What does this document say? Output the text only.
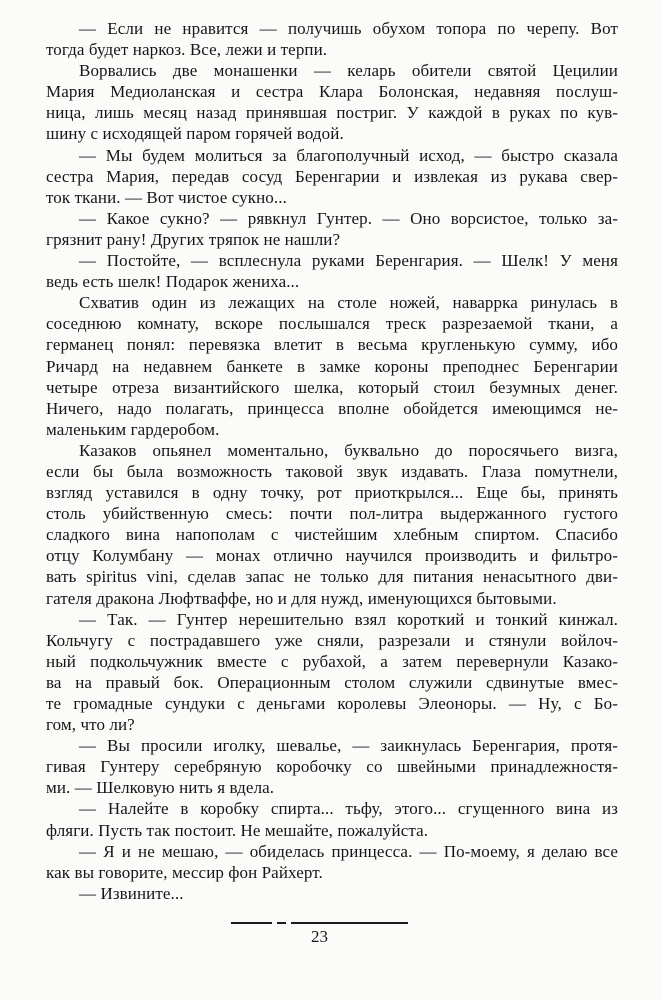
— Если не нравится — получишь обухом топора по черепу. Вот
тогда будет наркоз. Все, лежи и терпи.

Ворвались две монашенки — келарь обители святой Цецилии
Мария Медиоланская и сестра Клара Болонская, недавняя послуш-
ница, лишь месяц назад принявшая постриг. У каждой в руках по кув-
шину с исходящей паром горячей водой.

— Мы будем молиться за благополучный исход, — быстро сказала
сестра Мария, передав сосуд Беренгарии и извлекая из рукава свер-
ток ткани. — Вот чистое сукно...

— Какое сукно? — рявкнул Гунтер. — Оно ворсистое, только за-
грязнит рану! Других тряпок не нашли?

— Постойте, — всплеснула руками Беренгария. — Шелк! У меня
ведь есть шелк! Подарок жениха...

Схватив один из лежащих на столе ножей, наваррка ринулась в
соседнюю комнату, вскоре послышался треск разрезаемой ткани, а
германец понял: перевязка влетит в весьма кругленькую сумму, ибо
Ричард на недавнем банкете в замке короны преподнес Беренгарии
четыре отреза византийского шелка, который стоил безумных денег.
Ничего, надо полагать, принцесса вполне обойдется имеющимся не-
маленьким гардеробом.

Казаков опьянел моментально, буквально до поросячьего визга,
если бы была возможность таковой звук издавать. Глаза помутнели,
взгляд уставился в одну точку, рот приоткрылся... Еще бы, принять
столь убийственную смесь: почти пол-литра выдержанного густого
сладкого вина напополам с чистейшим хлебным спиртом. Спасибо
отцу Колумбану — монах отлично научился производить и фильтро-
вать spiritus vini, сделав запас не только для питания ненасытного дви-
гателя дракона Люфтваффе, но и для нужд, именующихся бытовыми.

— Так. — Гунтер нерешительно взял короткий и тонкий кинжал.
Кольчугу с пострадавшего уже сняли, разрезали и стянули войлоч-
ный подкольчужник вместе с рубахой, а затем перевернули Казако-
ва на правый бок. Операционным столом служили сдвинутые вмес-
те громадные сундуки с деньгами королевы Элеоноры. — Ну, с Бо-
гом, что ли?

— Вы просили иголку, шевалье, — заикнулась Беренгария, протя-
гивая Гунтеру серебряную коробочку со швейными принадлежностя-
ми. — Шелковую нить я вдела.

— Налейте в коробку спирта... тьфу, этого... сгущенного вина из
фляги. Пусть так постоит. Не мешайте, пожалуйста.

— Я и не мешаю, — обиделась принцесса. — По-моему, я делаю все
как вы говорите, мессир фон Райхерт.

— Извините...

23
